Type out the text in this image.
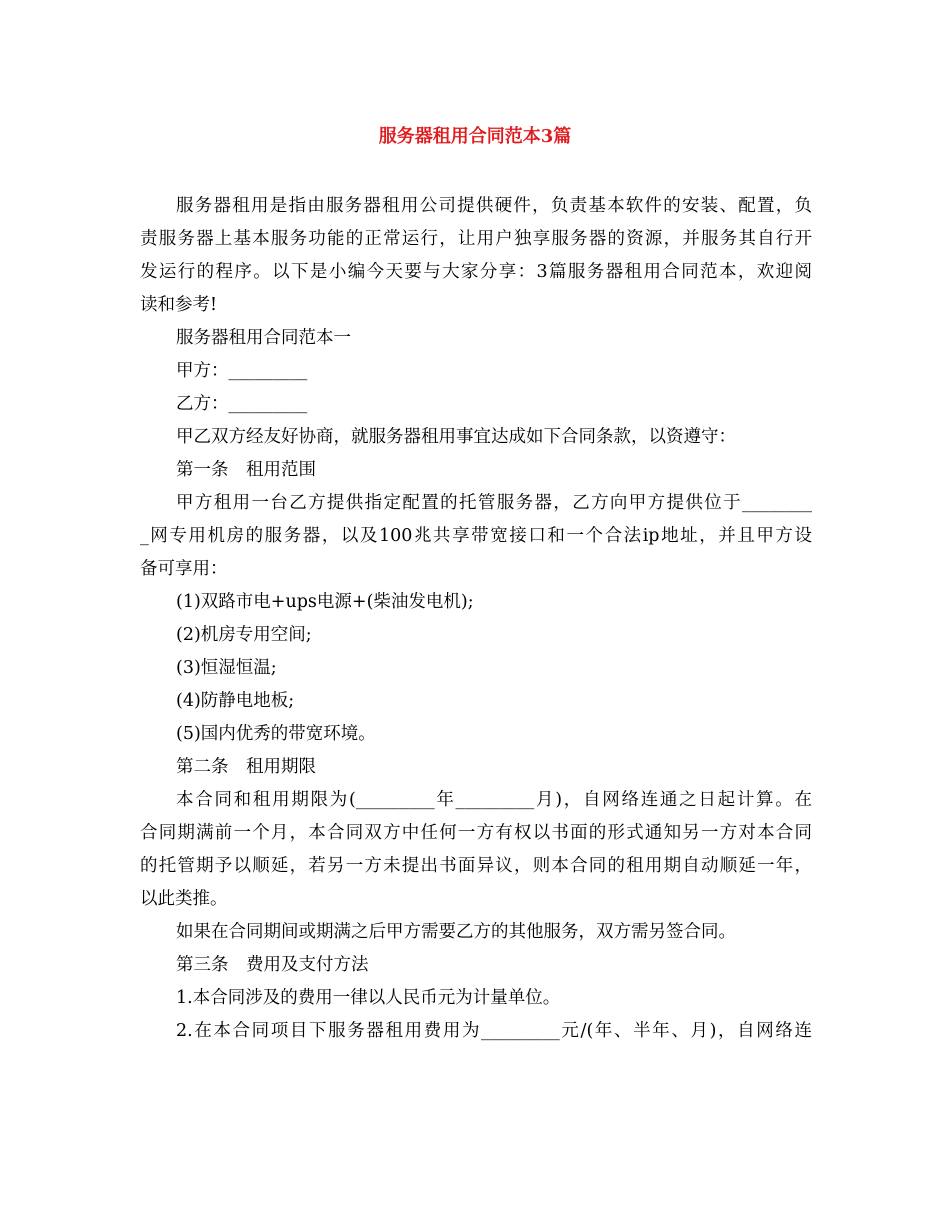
服务器租用合同范本3篇

服务器租用是指由服务器租用公司提供硬件，负责基本软件的安装、配置，负

责服务器上基本服务功能的正常运行，让用户独享服务器的资源，并服务其自行开

发运行的程序。以下是小编今天要与大家分享：3篇服务器租用合同范本，欢迎阅

读和参考!

服务器租用合同范本一

甲方：_________

乙方：_________

甲乙双方经友好协商，就服务器租用事宜达成如下合同条款，以资遵守：

第一条　租用范围

甲方租用一台乙方提供指定配置的托管服务器，乙方向甲方提供位于________

_网专用机房的服务器，以及100兆共享带宽接口和一个合法ip地址，并且甲方设

备可享用：

(1)双路市电+ups电源+(柴油发电机);

(2)机房专用空间;

(3)恒湿恒温;

(4)防静电地板;

(5)国内优秀的带宽环境。

第二条　租用期限

本合同和租用期限为(_________年_________月)，自网络连通之日起计算。在

合同期满前一个月，本合同双方中任何一方有权以书面的形式通知另一方对本合同

的托管期予以顺延，若另一方未提出书面异议，则本合同的租用期自动顺延一年，

以此类推。

如果在合同期间或期满之后甲方需要乙方的其他服务，双方需另签合同。

第三条　费用及支付方法

1.本合同涉及的费用一律以人民币元为计量单位。

2.在本合同项目下服务器租用费用为_________元/(年、半年、月)，自网络连
